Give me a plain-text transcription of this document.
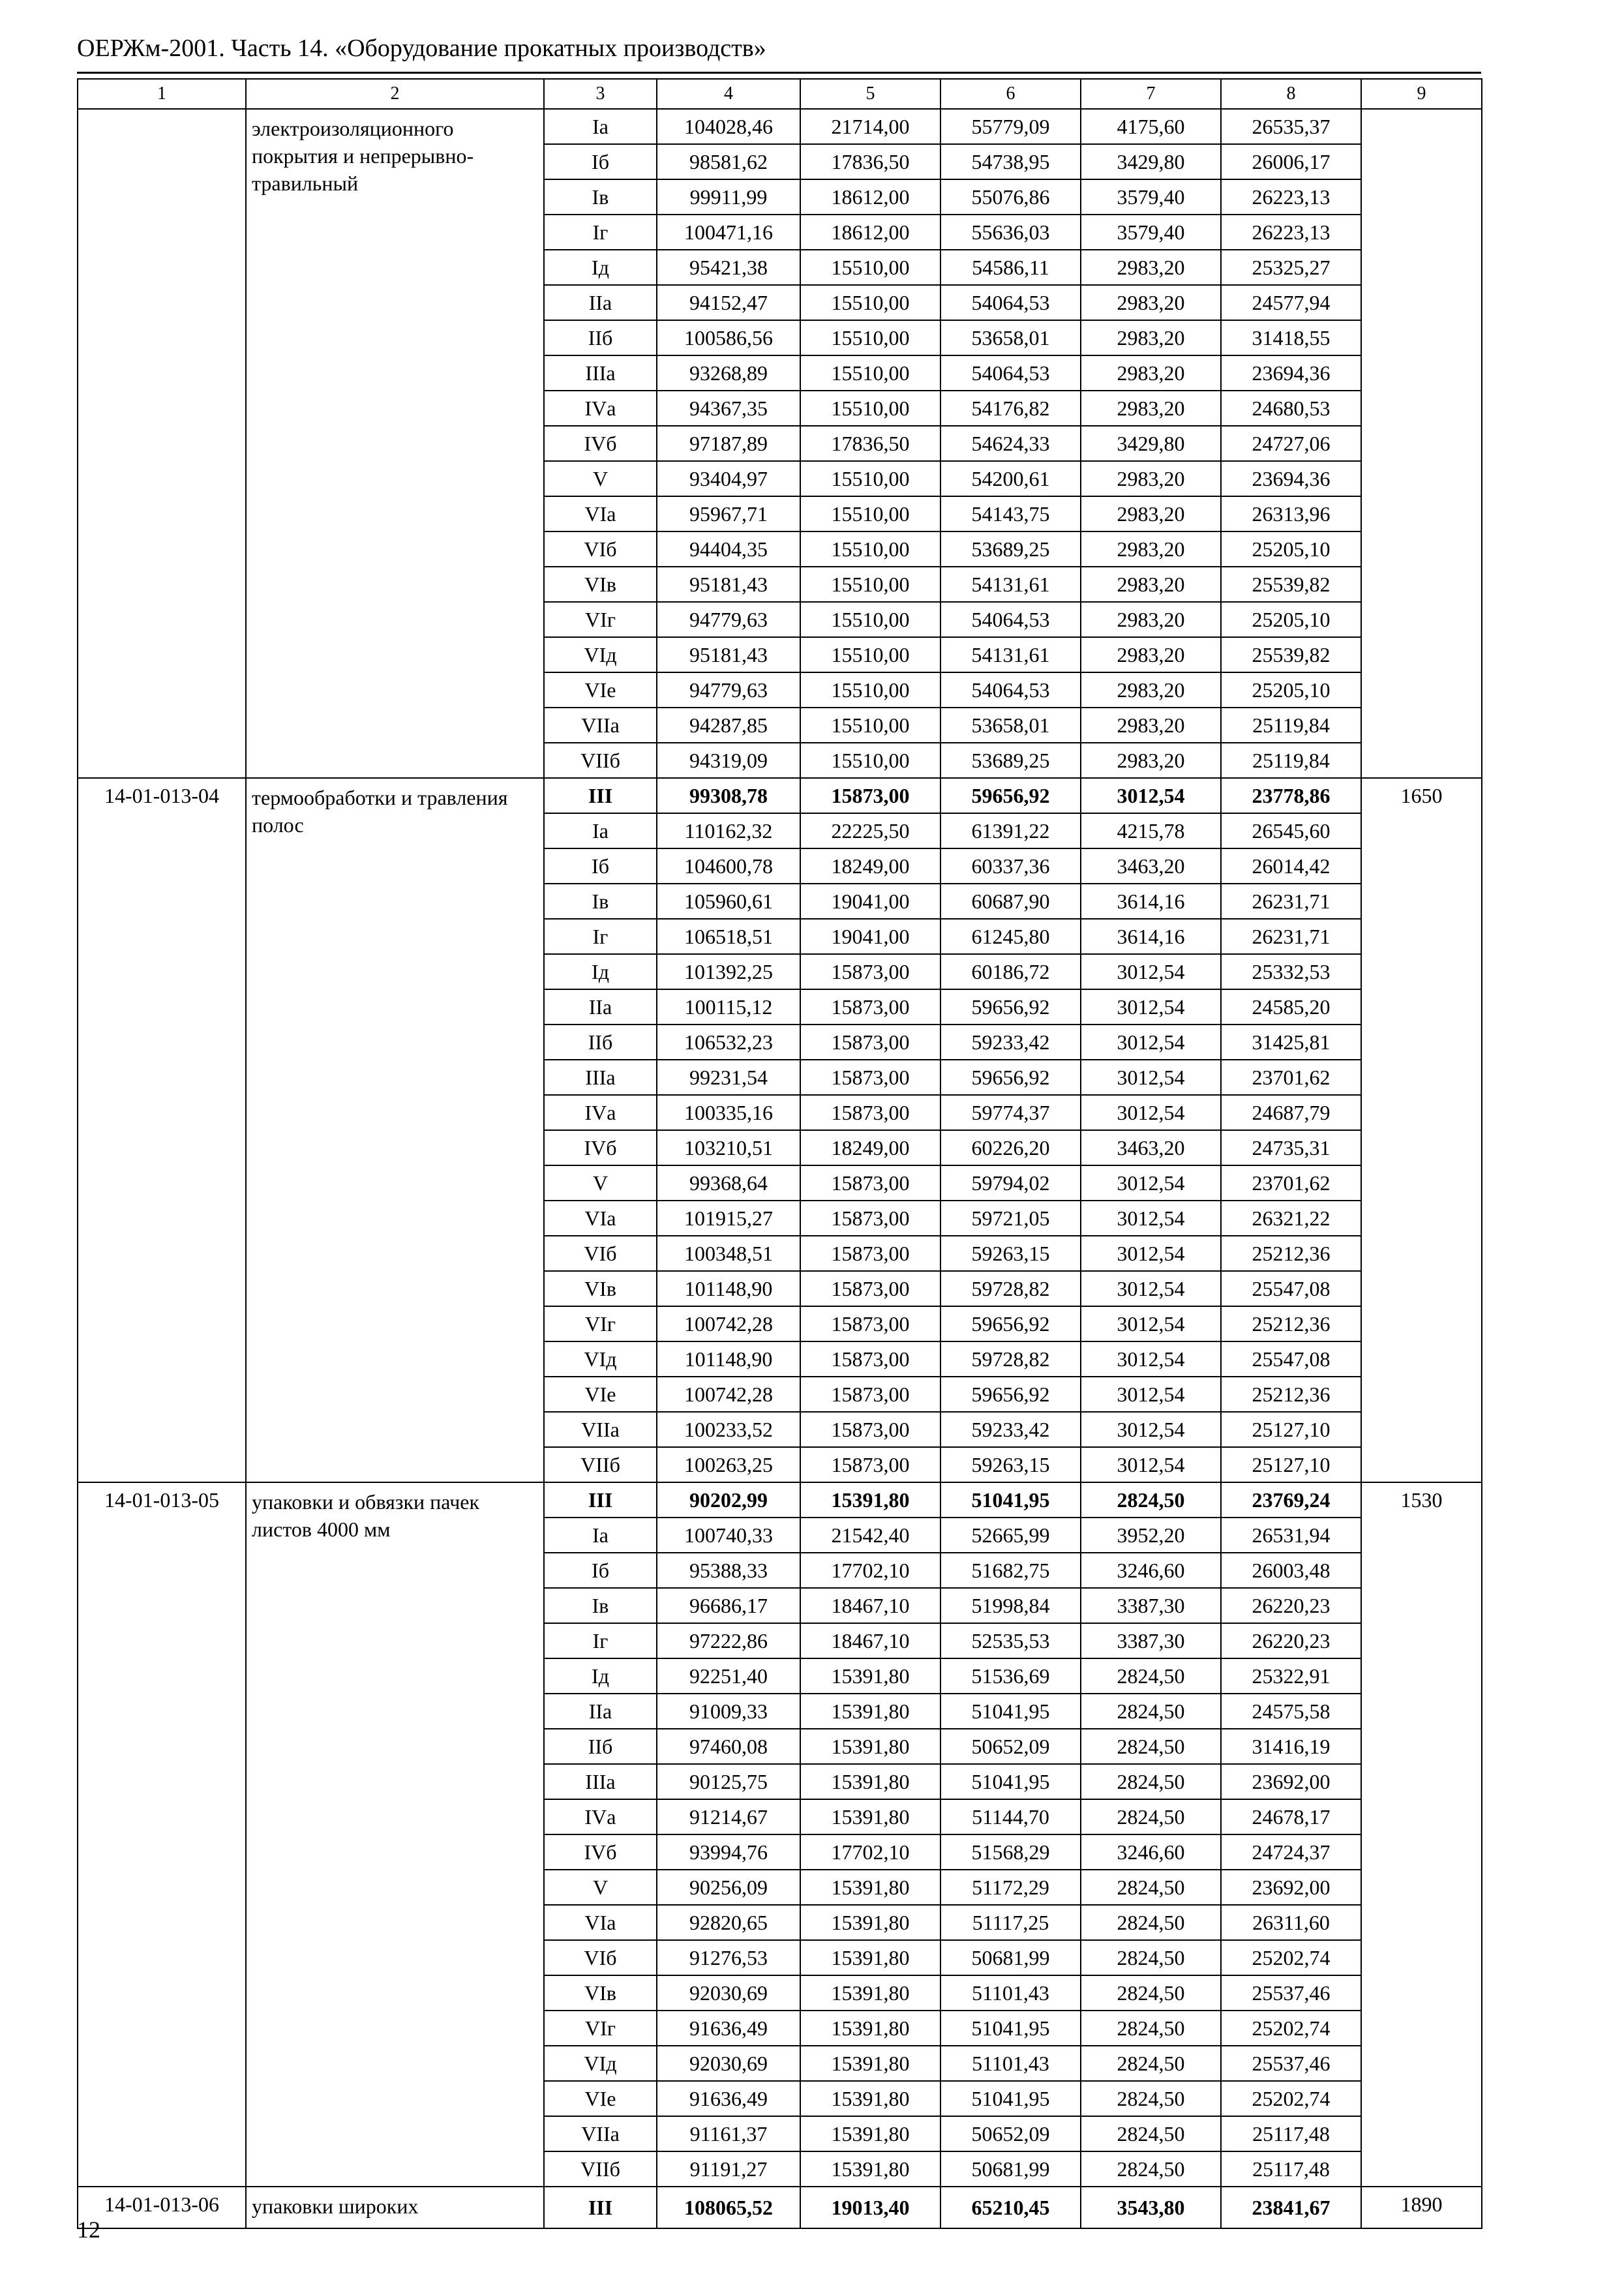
ОЕРЖм-2001. Часть 14. «Оборудование прокатных производств»
1	2	3	4	5	6	7	8	9
	электроизоляционного покрытия и непрерывно-травильный	Iа	104028,46	21714,00	55779,09	4175,60	26535,37	
		Iб	98581,62	17836,50	54738,95	3429,80	26006,17	
		Iв	99911,99	18612,00	55076,86	3579,40	26223,13	
		Iг	100471,16	18612,00	55636,03	3579,40	26223,13	
		Iд	95421,38	15510,00	54586,11	2983,20	25325,27	
		IIа	94152,47	15510,00	54064,53	2983,20	24577,94	
		IIб	100586,56	15510,00	53658,01	2983,20	31418,55	
		IIIа	93268,89	15510,00	54064,53	2983,20	23694,36	
		IVа	94367,35	15510,00	54176,82	2983,20	24680,53	
		IVб	97187,89	17836,50	54624,33	3429,80	24727,06	
		V	93404,97	15510,00	54200,61	2983,20	23694,36	
		VIа	95967,71	15510,00	54143,75	2983,20	26313,96	
		VIб	94404,35	15510,00	53689,25	2983,20	25205,10	
		VIв	95181,43	15510,00	54131,61	2983,20	25539,82	
		VIг	94779,63	15510,00	54064,53	2983,20	25205,10	
		VIд	95181,43	15510,00	54131,61	2983,20	25539,82	
		VIе	94779,63	15510,00	54064,53	2983,20	25205,10	
		VIIа	94287,85	15510,00	53658,01	2983,20	25119,84	
		VIIб	94319,09	15510,00	53689,25	2983,20	25119,84	
14-01-013-04	термообработки и травления полос	III	99308,78	15873,00	59656,92	3012,54	23778,86	1650
		Iа	110162,32	22225,50	61391,22	4215,78	26545,60	
		Iб	104600,78	18249,00	60337,36	3463,20	26014,42	
		Iв	105960,61	19041,00	60687,90	3614,16	26231,71	
		Iг	106518,51	19041,00	61245,80	3614,16	26231,71	
		Iд	101392,25	15873,00	60186,72	3012,54	25332,53	
		IIа	100115,12	15873,00	59656,92	3012,54	24585,20	
		IIб	106532,23	15873,00	59233,42	3012,54	31425,81	
		IIIа	99231,54	15873,00	59656,92	3012,54	23701,62	
		IVа	100335,16	15873,00	59774,37	3012,54	24687,79	
		IVб	103210,51	18249,00	60226,20	3463,20	24735,31	
		V	99368,64	15873,00	59794,02	3012,54	23701,62	
		VIа	101915,27	15873,00	59721,05	3012,54	26321,22	
		VIб	100348,51	15873,00	59263,15	3012,54	25212,36	
		VIв	101148,90	15873,00	59728,82	3012,54	25547,08	
		VIг	100742,28	15873,00	59656,92	3012,54	25212,36	
		VIд	101148,90	15873,00	59728,82	3012,54	25547,08	
		VIе	100742,28	15873,00	59656,92	3012,54	25212,36	
		VIIа	100233,52	15873,00	59233,42	3012,54	25127,10	
		VIIб	100263,25	15873,00	59263,15	3012,54	25127,10	
14-01-013-05	упаковки и обвязки пачек листов 4000 мм	III	90202,99	15391,80	51041,95	2824,50	23769,24	1530
		Iа	100740,33	21542,40	52665,99	3952,20	26531,94	
		Iб	95388,33	17702,10	51682,75	3246,60	26003,48	
		Iв	96686,17	18467,10	51998,84	3387,30	26220,23	
		Iг	97222,86	18467,10	52535,53	3387,30	26220,23	
		Iд	92251,40	15391,80	51536,69	2824,50	25322,91	
		IIа	91009,33	15391,80	51041,95	2824,50	24575,58	
		IIб	97460,08	15391,80	50652,09	2824,50	31416,19	
		IIIа	90125,75	15391,80	51041,95	2824,50	23692,00	
		IVа	91214,67	15391,80	51144,70	2824,50	24678,17	
		IVб	93994,76	17702,10	51568,29	3246,60	24724,37	
		V	90256,09	15391,80	51172,29	2824,50	23692,00	
		VIа	92820,65	15391,80	51117,25	2824,50	26311,60	
		VIб	91276,53	15391,80	50681,99	2824,50	25202,74	
		VIв	92030,69	15391,80	51101,43	2824,50	25537,46	
		VIг	91636,49	15391,80	51041,95	2824,50	25202,74	
		VIд	92030,69	15391,80	51101,43	2824,50	25537,46	
		VIе	91636,49	15391,80	51041,95	2824,50	25202,74	
		VIIа	91161,37	15391,80	50652,09	2824,50	25117,48	
		VIIб	91191,27	15391,80	50681,99	2824,50	25117,48	
14-01-013-06	упаковки широких	III	108065,52	19013,40	65210,45	3543,80	23841,67	1890
12
